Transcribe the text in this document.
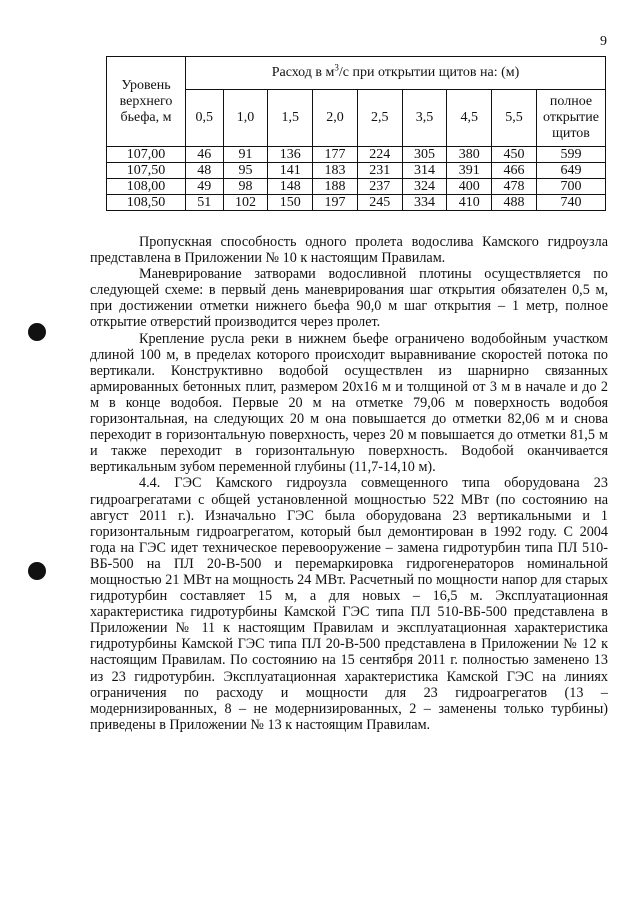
9
Уровень
верхнего
бьефа, м	Расход в $м^3/с$ при открытии щитов на: (м)								
	0,5	1,0	1,5	2,0	2,5	3,5	4,5	5,5	полное
открытие
щитов
107,00	46	91	136	177	224	305	380	450	599
107,50	48	95	141	183	231	314	391	466	649
108,00	49	98	148	188	237	324	400	478	700
108,50	51	102	150	197	245	334	410	488	740

Пропускная способность одного пролета водослива Камского гидроузла представлена в Приложении № 10 к настоящим Правилам.

Маневрирование затворами водосливной плотины осуществляется по следующей схеме: в первый день маневрирования шаг открытия обязателен 0,5 м, при достижении отметки нижнего бьефа 90,0 м шаг открытия – 1 метр, полное открытие отверстий производится через пролет.

Крепление русла реки в нижнем бьефе ограничено водобойным участком длиной 100 м, в пределах которого происходит выравнивание скоростей потока по вертикали. Конструктивно водобой осуществлен из шарнирно связанных армированных бетонных плит, размером 20х16 м и толщиной от 3 м в начале и до 2 м в конце водобоя. Первые 20 м на отметке 79,06 м поверхность водобоя горизонтальная, на следующих 20 м она повышается до отметки 82,06 м и снова переходит в горизонтальную поверхность, через 20 м повышается до отметки 81,5 м и также переходит в горизонтальную поверхность. Водобой оканчивается вертикальным зубом переменной глубины (11,7-14,10 м).

4.4. ГЭС Камского гидроузла совмещенного типа оборудована 23 гидроагрегатами с общей установленной мощностью 522 МВт (по состоянию на август 2011 г.). Изначально ГЭС была оборудована 23 вертикальными и 1 горизонтальным гидроагрегатом, который был демонтирован в 1992 году. С 2004 года на ГЭС идет техническое перевооружение – замена гидротурбин типа ПЛ 510-ВБ-500 на ПЛ 20-В-500 и перемаркировка гидрогенераторов номинальной мощностью 21 МВт на мощность 24 МВт. Расчетный по мощности напор для старых гидротурбин составляет 15 м, а для новых – 16,5 м. Эксплуатационная характеристика гидротурбины Камской ГЭС типа ПЛ 510-ВБ-500 представлена в Приложении № 11 к настоящим Правилам и эксплуатационная характеристика гидротурбины Камской ГЭС типа ПЛ 20-В-500 представлена в Приложении № 12 к настоящим Правилам. По состоянию на 15 сентября 2011 г. полностью заменено 13 из 23 гидротурбин. Эксплуатационная характеристика Камской ГЭС на линиях ограничения по расходу и мощности для 23 гидроагрегатов (13 – модернизированных, 8 – не модернизированных, 2 – заменены только турбины) приведены в Приложении № 13 к настоящим Правилам.
